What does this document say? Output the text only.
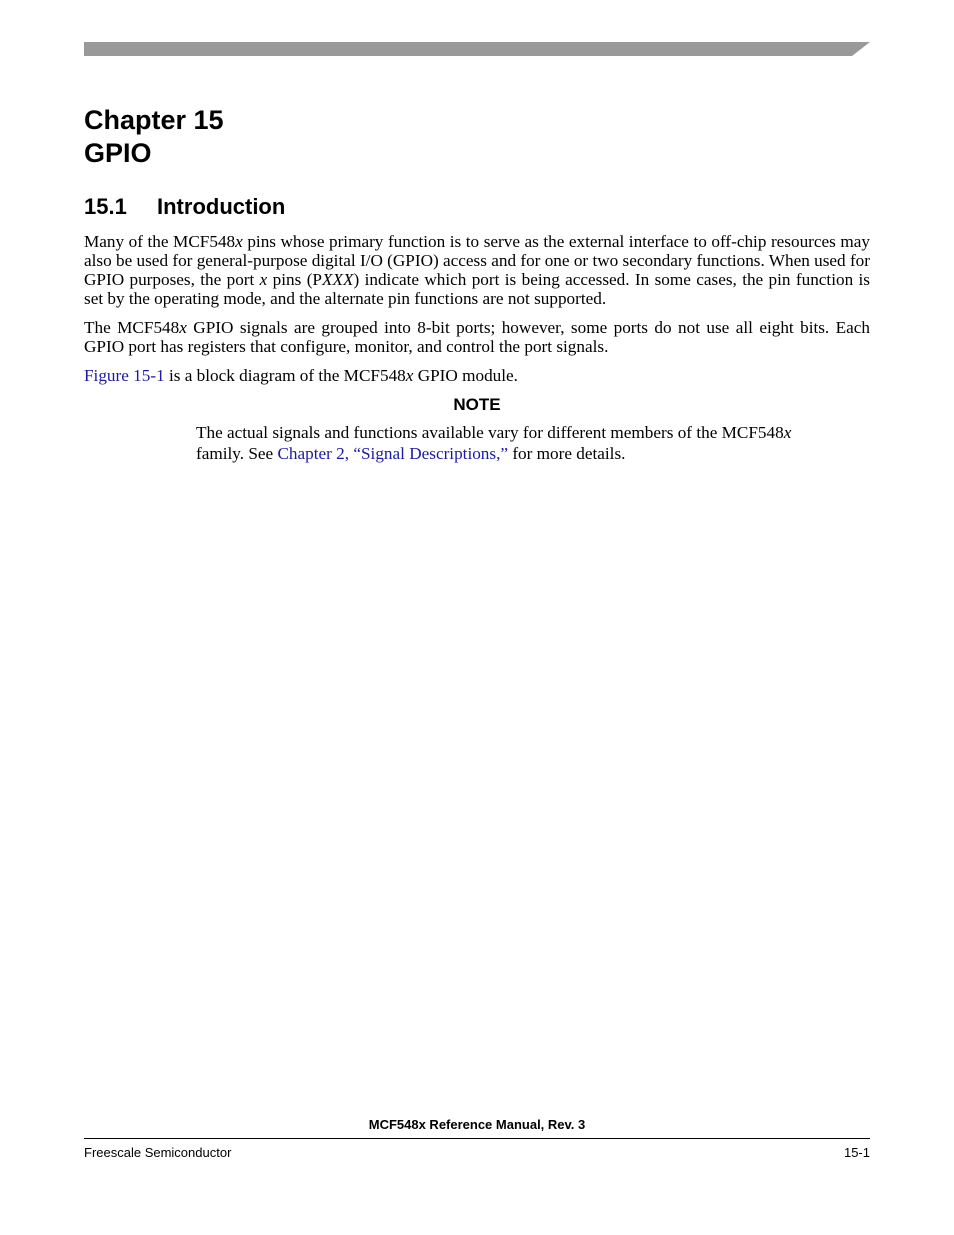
Chapter 15
GPIO
15.1 Introduction

Many of the MCF548x pins whose primary function is to serve as the external interface to off-chip resources may also be used for general-purpose digital I/O (GPIO) access and for one or two secondary functions. When used for GPIO purposes, the port x pins (PXXX) indicate which port is being accessed. In some cases, the pin function is set by the operating mode, and the alternate pin functions are not supported.

The MCF548x GPIO signals are grouped into 8-bit ports; however, some ports do not use all eight bits. Each GPIO port has registers that configure, monitor, and control the port signals.

Figure 15-1 is a block diagram of the MCF548x GPIO module.

NOTE

The actual signals and functions available vary for different members of the MCF548x family. See Chapter 2, “Signal Descriptions,” for more details.

MCF548x Reference Manual, Rev. 3

Freescale Semiconductor	15-1
